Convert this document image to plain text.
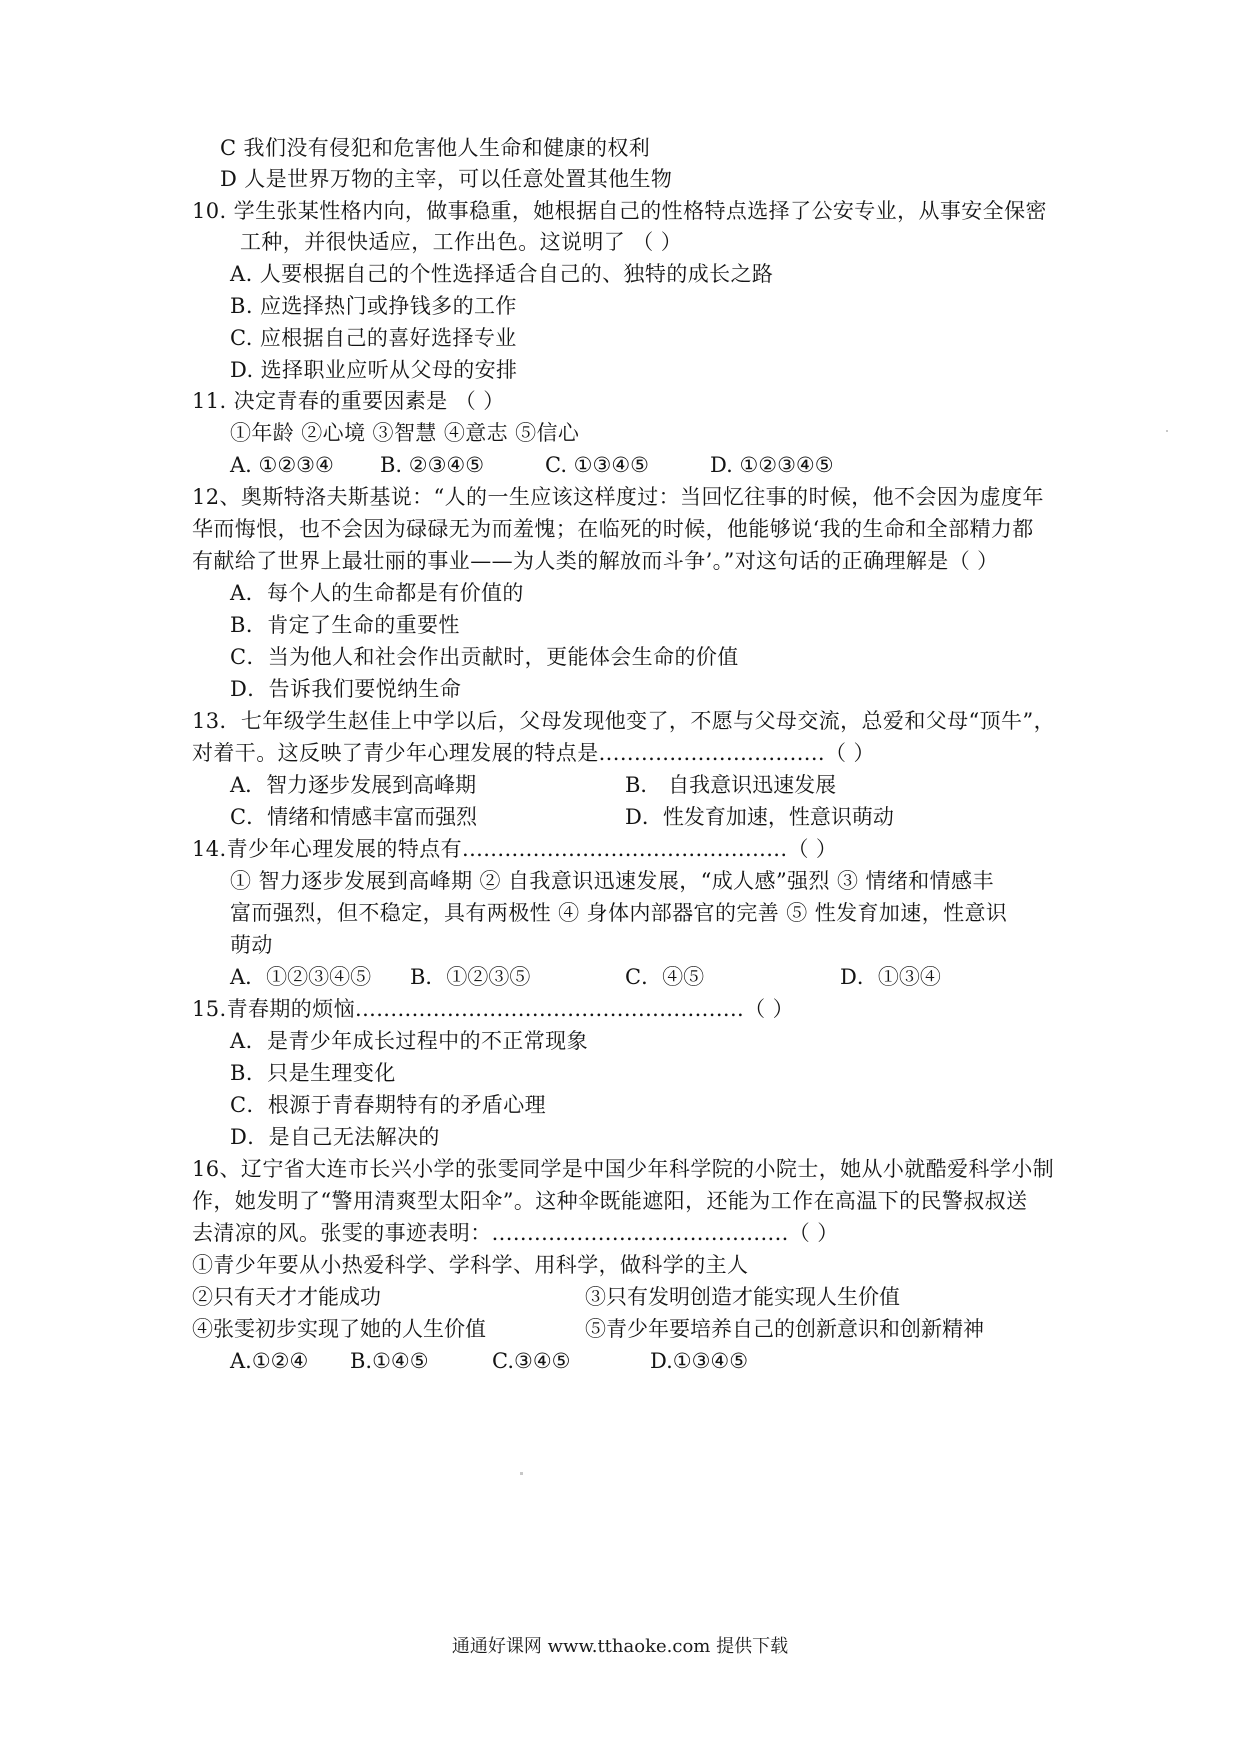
C 我们没有侵犯和危害他人生命和健康的权利
D 人是世界万物的主宰，可以任意处置其他生物
10. 学生张某性格内向，做事稳重，她根据自己的性格特点选择了公安专业，从事安全保密
工种，并很快适应，工作出色。这说明了 （ ）
A. 人要根据自己的个性选择适合自己的、独特的成长之路
B. 应选择热门或挣钱多的工作
C. 应根据自己的喜好选择专业
D. 选择职业应听从父母的安排
11. 决定青春的重要因素是 （ ）
①年龄 ②心境 ③智慧 ④意志 ⑤信心
A. ①②③④	B. ②③④⑤	C. ①③④⑤	D. ①②③④⑤
12、奥斯特洛夫斯基说：“人的一生应该这样度过：当回忆往事的时候，他不会因为虚度年
华而悔恨，也不会因为碌碌无为而羞愧；在临死的时候，他能够说‘我的生命和全部精力都
有献给了世界上最壮丽的事业——为人类的解放而斗争’。”对这句话的正确理解是（ ）
A．每个人的生命都是有价值的
B．肯定了生命的重要性
C．当为他人和社会作出贡献时，更能体会生命的价值
D．告诉我们要悦纳生命
13．七年级学生赵佳上中学以后，父母发现他变了，不愿与父母交流，总爱和父母“顶牛”，
对着干。这反映了青少年心理发展的特点是................................（ ）
A．智力逐步发展到高峰期	B． 自我意识迅速发展
C．情绪和情感丰富而强烈	D．性发育加速，性意识萌动
14.青少年心理发展的特点有..............................................（ ）
① 智力逐步发展到高峰期 ② 自我意识迅速发展，“成人感”强烈 ③ 情绪和情感丰
富而强烈，但不稳定，具有两极性 ④ 身体内部器官的完善 ⑤ 性发育加速，性意识
萌动
A．①②③④⑤	B．①②③⑤	C．④⑤	D．①③④
15.青春期的烦恼.......................................................（ ）
A．是青少年成长过程中的不正常现象
B．只是生理变化
C．根源于青春期特有的矛盾心理
D．是自己无法解决的
16、辽宁省大连市长兴小学的张雯同学是中国少年科学院的小院士，她从小就酷爱科学小制
作，她发明了“警用清爽型太阳伞”。这种伞既能遮阳，还能为工作在高温下的民警叔叔送
去清凉的风。张雯的事迹表明：..........................................（ ）
①青少年要从小热爱科学、学科学、用科学，做科学的主人
②只有天才才能成功	③只有发明创造才能实现人生价值
④张雯初步实现了她的人生价值	⑤青少年要培养自己的创新意识和创新精神
A.①②④	B.①④⑤	C.③④⑤	D.①③④⑤
通通好课网 www.tthaoke.com 提供下载
